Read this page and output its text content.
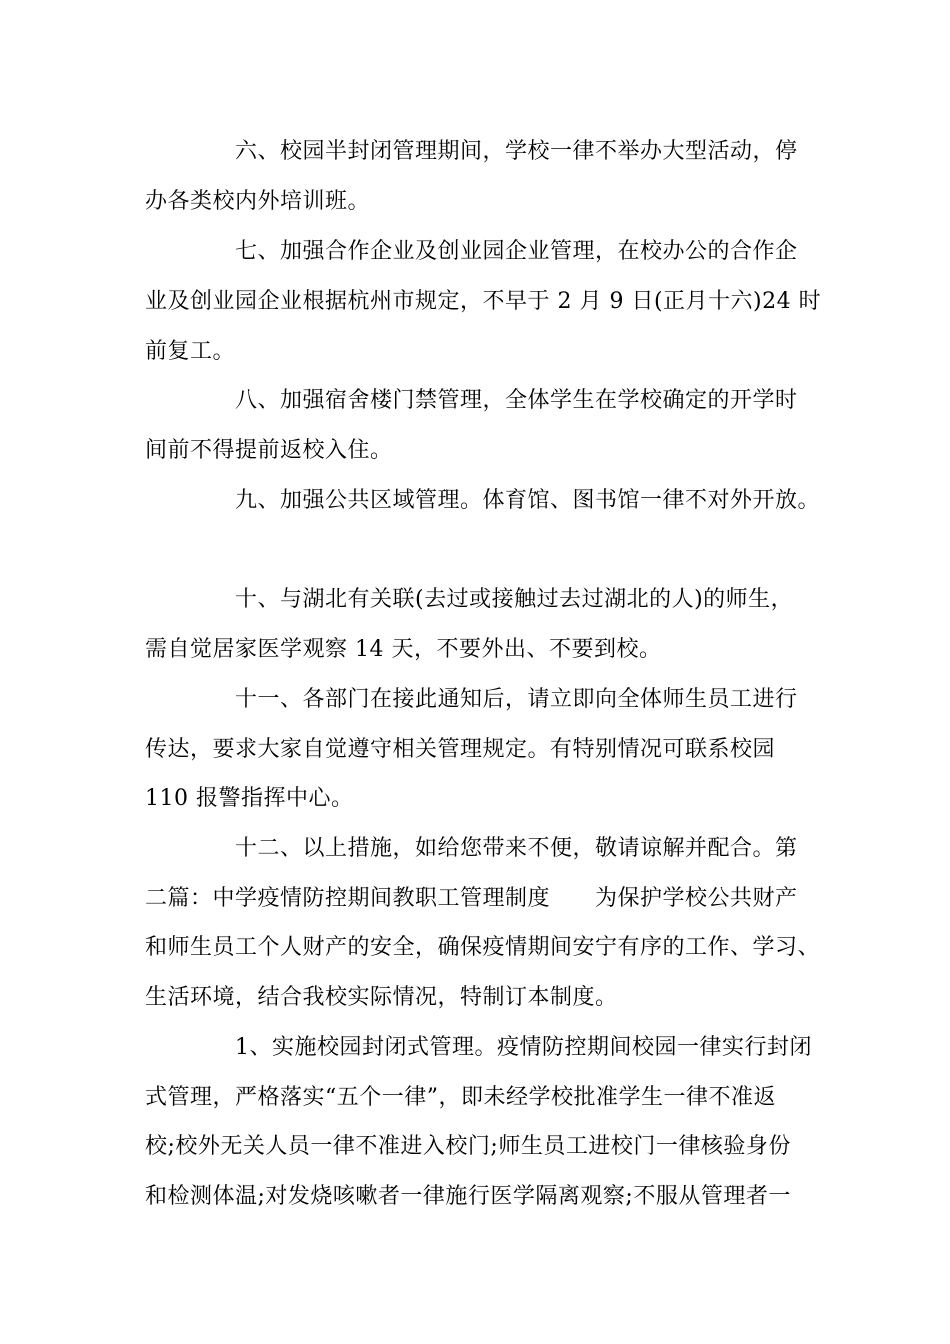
六、校园半封闭管理期间，学校一律不举办大型活动，停
办各类校内外培训班。
七、加强合作企业及创业园企业管理，在校办公的合作企
业及创业园企业根据杭州市规定，不早于 2 月 9 日(正月十六)24 时
前复工。
八、加强宿舍楼门禁管理，全体学生在学校确定的开学时
间前不得提前返校入住。
九、加强公共区域管理。体育馆、图书馆一律不对外开放。
十、与湖北有关联(去过或接触过去过湖北的人)的师生，
需自觉居家医学观察 14 天，不要外出、不要到校。
十一、各部门在接此通知后，请立即向全体师生员工进行
传达，要求大家自觉遵守相关管理规定。有特别情况可联系校园
110 报警指挥中心。
十二、以上措施，如给您带来不便，敬请谅解并配合。第
二篇：中学疫情防控期间教职工管理制度　　为保护学校公共财产
和师生员工个人财产的安全，确保疫情期间安宁有序的工作、学习、
生活环境，结合我校实际情况，特制订本制度。
1、实施校园封闭式管理。疫情防控期间校园一律实行封闭
式管理，严格落实“五个一律”，即未经学校批准学生一律不准返
校;校外无关人员一律不准进入校门;师生员工进校门一律核验身份
和检测体温;对发烧咳嗽者一律施行医学隔离观察;不服从管理者一
